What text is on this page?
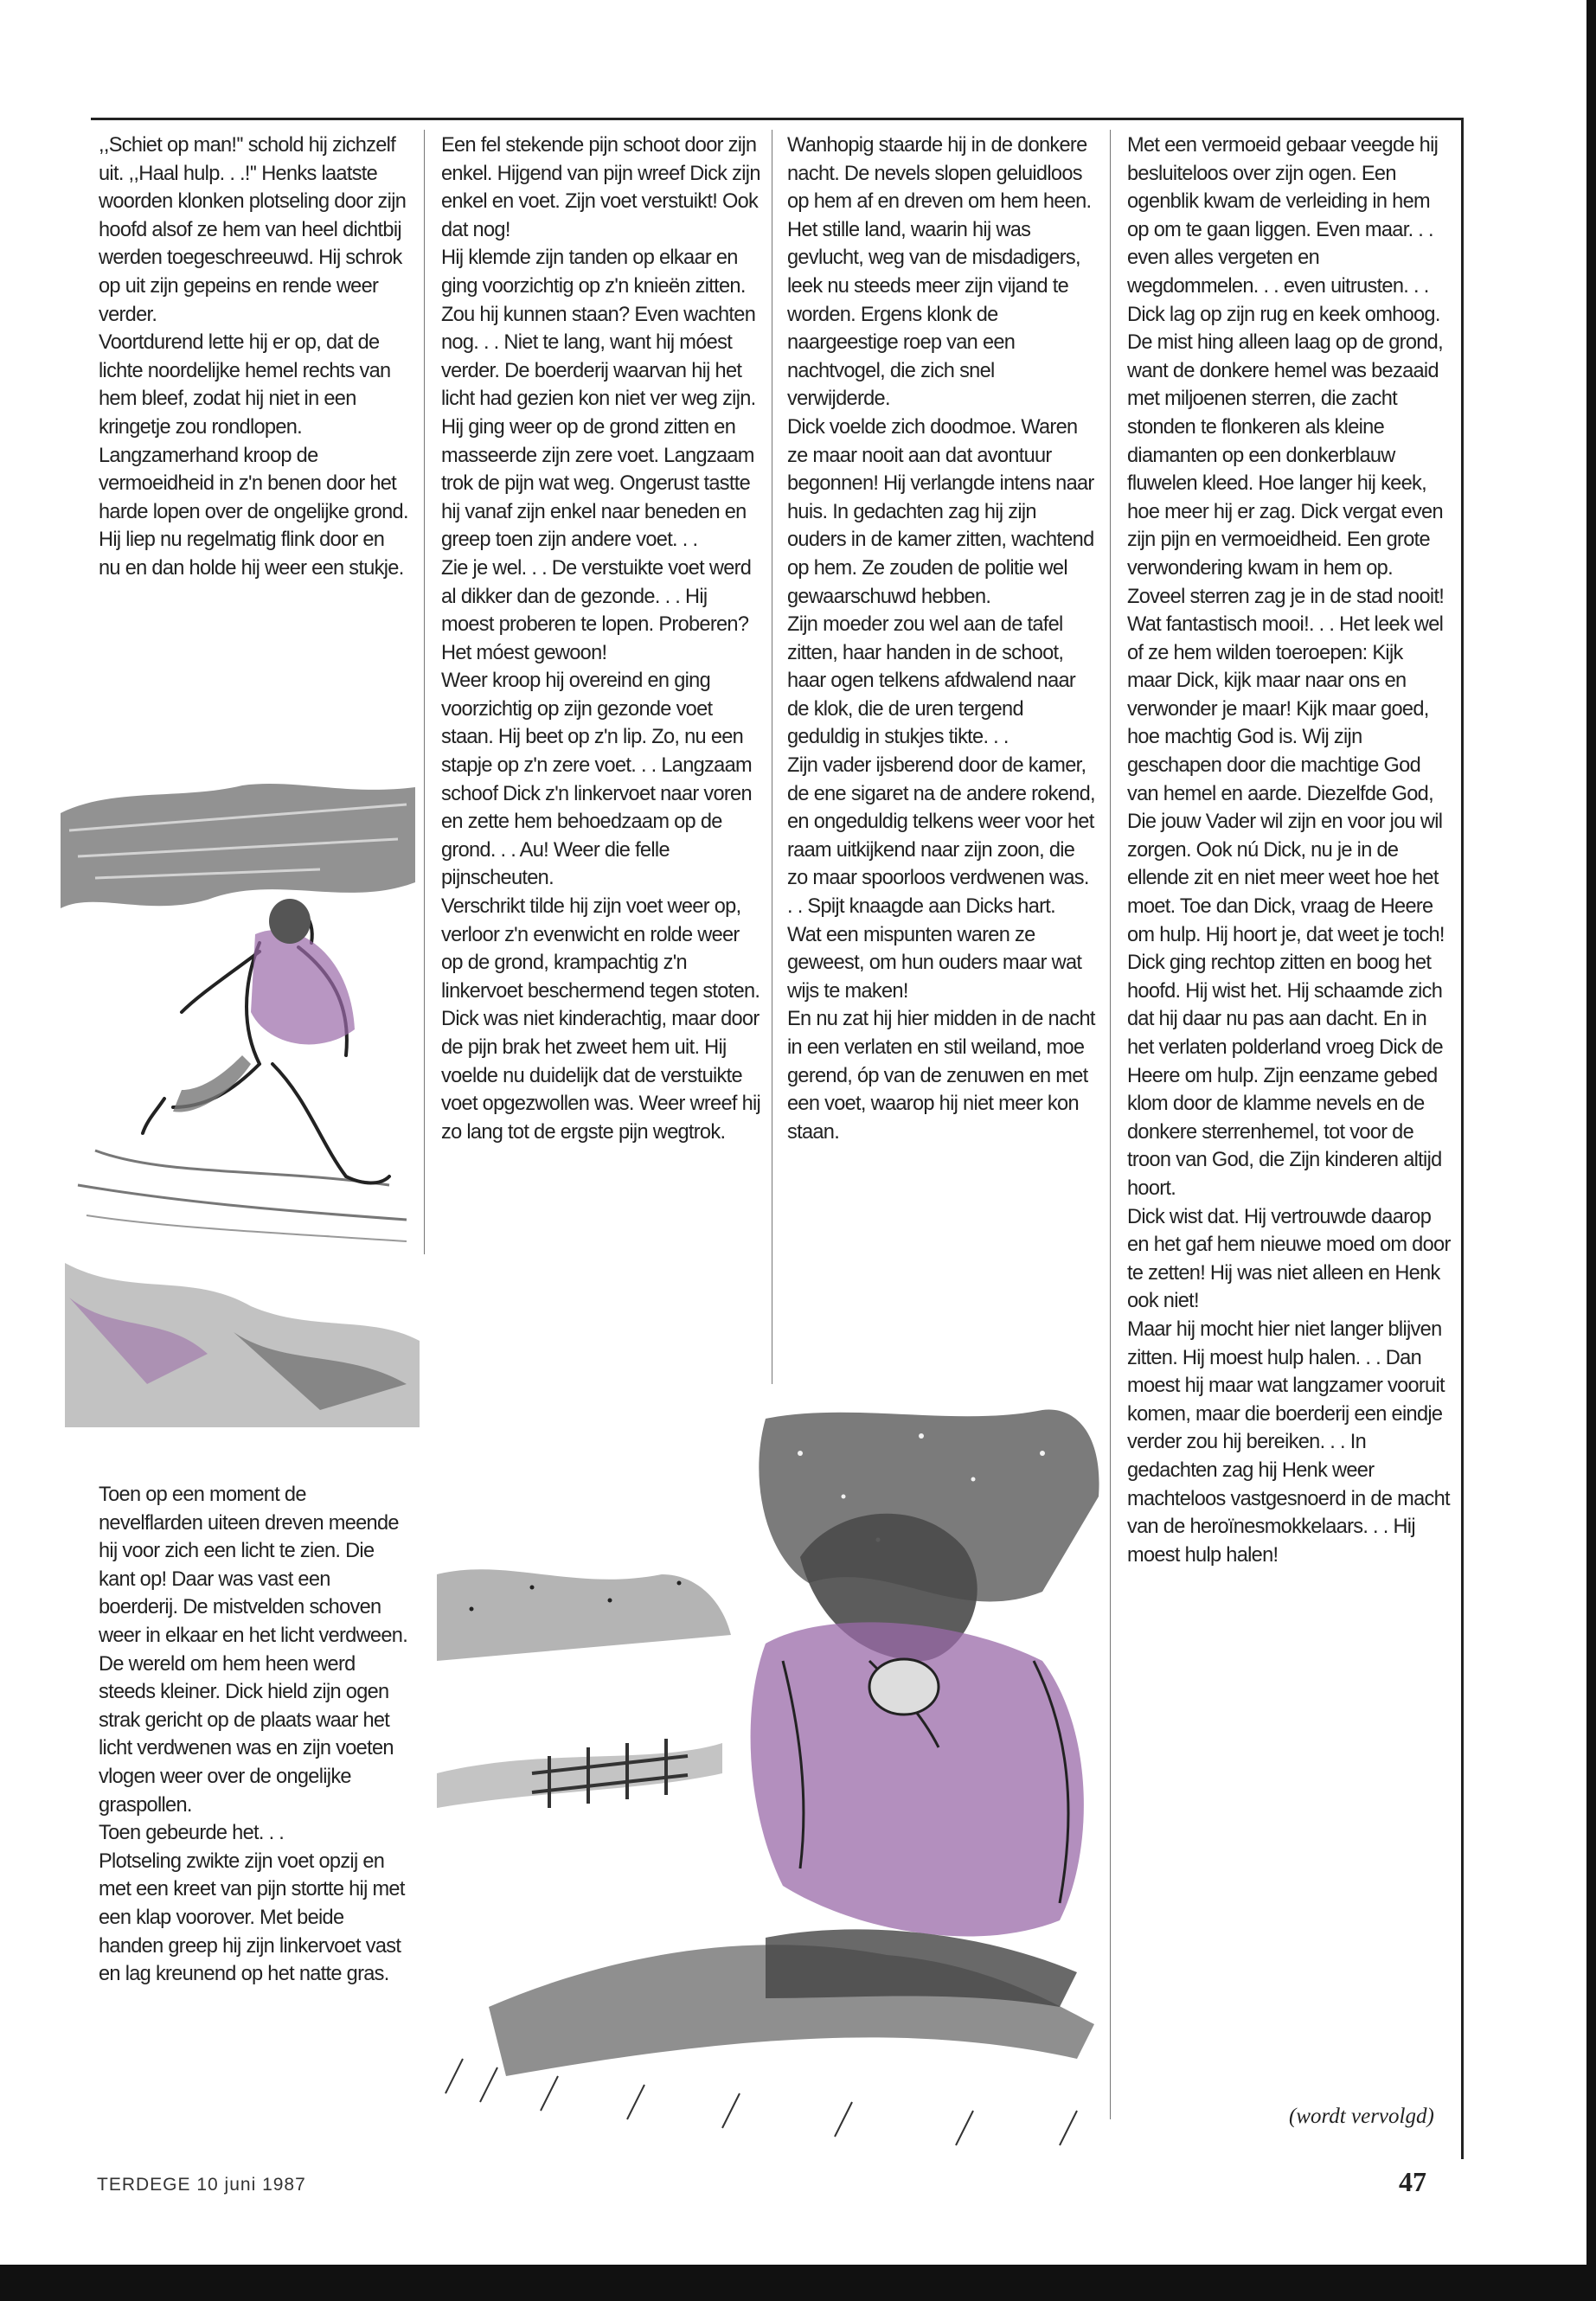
,,Schiet op man!'' schold hij zichzelf uit. ,,Haal hulp. . .!'' Henks laatste woorden klonken plotseling door zijn hoofd alsof ze hem van heel dichtbij werden toegeschreeuwd. Hij schrok op uit zijn gepeins en rende weer verder.

Voortdurend lette hij er op, dat de lichte noordelijke hemel rechts van hem bleef, zodat hij niet in een kringetje zou rondlopen. Langzamerhand kroop de vermoeidheid in z'n benen door het harde lopen over de ongelijke grond. Hij liep nu regelmatig flink door en nu en dan holde hij weer een stukje.

Toen op een moment de nevelflarden uiteen dreven meende hij voor zich een licht te zien. Die kant op! Daar was vast een boerderij. De mistvelden schoven weer in elkaar en het licht verdween. De wereld om hem heen werd steeds kleiner. Dick hield zijn ogen strak gericht op de plaats waar het licht verdwenen was en zijn voeten vlogen weer over de ongelijke graspollen.

Toen gebeurde het. . .

Plotseling zwikte zijn voet opzij en met een kreet van pijn stortte hij met een klap voorover. Met beide handen greep hij zijn linkervoet vast en lag kreunend op het natte gras.

Een fel stekende pijn schoot door zijn enkel. Hijgend van pijn wreef Dick zijn enkel en voet. Zijn voet verstuikt! Ook dat nog!

Hij klemde zijn tanden op elkaar en ging voorzichtig op z'n knieën zitten. Zou hij kunnen staan? Even wachten nog. . . Niet te lang, want hij móest verder. De boerderij waarvan hij het licht had gezien kon niet ver weg zijn.

Hij ging weer op de grond zitten en masseerde zijn zere voet. Langzaam trok de pijn wat weg. Ongerust tastte hij vanaf zijn enkel naar beneden en greep toen zijn andere voet. . .

Zie je wel. . . De verstuikte voet werd al dikker dan de gezonde. . . Hij moest proberen te lopen. Proberen? Het móest gewoon!

Weer kroop hij overeind en ging voorzichtig op zijn gezonde voet staan. Hij beet op z'n lip. Zo, nu een stapje op z'n zere voet. . . Langzaam schoof Dick z'n linkervoet naar voren en zette hem behoedzaam op de grond. . . Au! Weer die felle pijnscheuten.

Verschrikt tilde hij zijn voet weer op, verloor z'n evenwicht en rolde weer op de grond, krampachtig z'n linkervoet beschermend tegen stoten.

Dick was niet kinderachtig, maar door de pijn brak het zweet hem uit. Hij voelde nu duidelijk dat de verstuikte voet opgezwollen was. Weer wreef hij zo lang tot de ergste pijn wegtrok.

Wanhopig staarde hij in de donkere nacht. De nevels slopen geluidloos op hem af en dreven om hem heen. Het stille land, waarin hij was gevlucht, weg van de misdadigers, leek nu steeds meer zijn vijand te worden. Ergens klonk de naargeestige roep van een nachtvogel, die zich snel verwijderde.

Dick voelde zich doodmoe. Waren ze maar nooit aan dat avontuur begonnen! Hij verlangde intens naar huis. In gedachten zag hij zijn ouders in de kamer zitten, wachtend op hem. Ze zouden de politie wel gewaarschuwd hebben.

Zijn moeder zou wel aan de tafel zitten, haar handen in de schoot, haar ogen telkens afdwalend naar de klok, die de uren tergend geduldig in stukjes tikte. . .

Zijn vader ijsberend door de kamer, de ene sigaret na de andere rokend, en ongeduldig telkens weer voor het raam uitkijkend naar zijn zoon, die zo maar spoorloos verdwenen was. . . Spijt knaagde aan Dicks hart.

Wat een mispunten waren ze geweest, om hun ouders maar wat wijs te maken!

En nu zat hij hier midden in de nacht in een verlaten en stil weiland, moe gerend, óp van de zenuwen en met een voet, waarop hij niet meer kon staan.

Met een vermoeid gebaar veegde hij besluiteloos over zijn ogen. Een ogenblik kwam de verleiding in hem op om te gaan liggen. Even maar. . . even alles vergeten en wegdommelen. . . even uitrusten. . .

Dick lag op zijn rug en keek omhoog. De mist hing alleen laag op de grond, want de donkere hemel was bezaaid met miljoenen sterren, die zacht stonden te flonkeren als kleine diamanten op een donkerblauw fluwelen kleed. Hoe langer hij keek, hoe meer hij er zag. Dick vergat even zijn pijn en vermoeidheid. Een grote verwondering kwam in hem op. Zoveel sterren zag je in de stad nooit! Wat fantastisch mooi!. . . Het leek wel of ze hem wilden toeroepen: Kijk maar Dick, kijk maar naar ons en verwonder je maar! Kijk maar goed, hoe machtig God is. Wij zijn geschapen door die machtige God van hemel en aarde. Diezelfde God, Die jouw Vader wil zijn en voor jou wil zorgen. Ook nú Dick, nu je in de ellende zit en niet meer weet hoe het moet. Toe dan Dick, vraag de Heere om hulp. Hij hoort je, dat weet je toch!

Dick ging rechtop zitten en boog het hoofd. Hij wist het. Hij schaamde zich dat hij daar nu pas aan dacht. En in het verlaten polderland vroeg Dick de Heere om hulp. Zijn eenzame gebed klom door de klamme nevels en de donkere sterrenhemel, tot voor de troon van God, die Zijn kinderen altijd hoort.

Dick wist dat. Hij vertrouwde daarop en het gaf hem nieuwe moed om door te zetten! Hij was niet alleen en Henk ook niet!

Maar hij mocht hier niet langer blijven zitten. Hij moest hulp halen. . . Dan moest hij maar wat langzamer vooruit komen, maar die boerderij een eindje verder zou hij bereiken. . . In gedachten zag hij Henk weer machteloos vastgesnoerd in de macht van de heroïnesmokkelaars. . . Hij moest hulp halen!

(wordt vervolgd)
TERDEGE 10 juni 1987	47
